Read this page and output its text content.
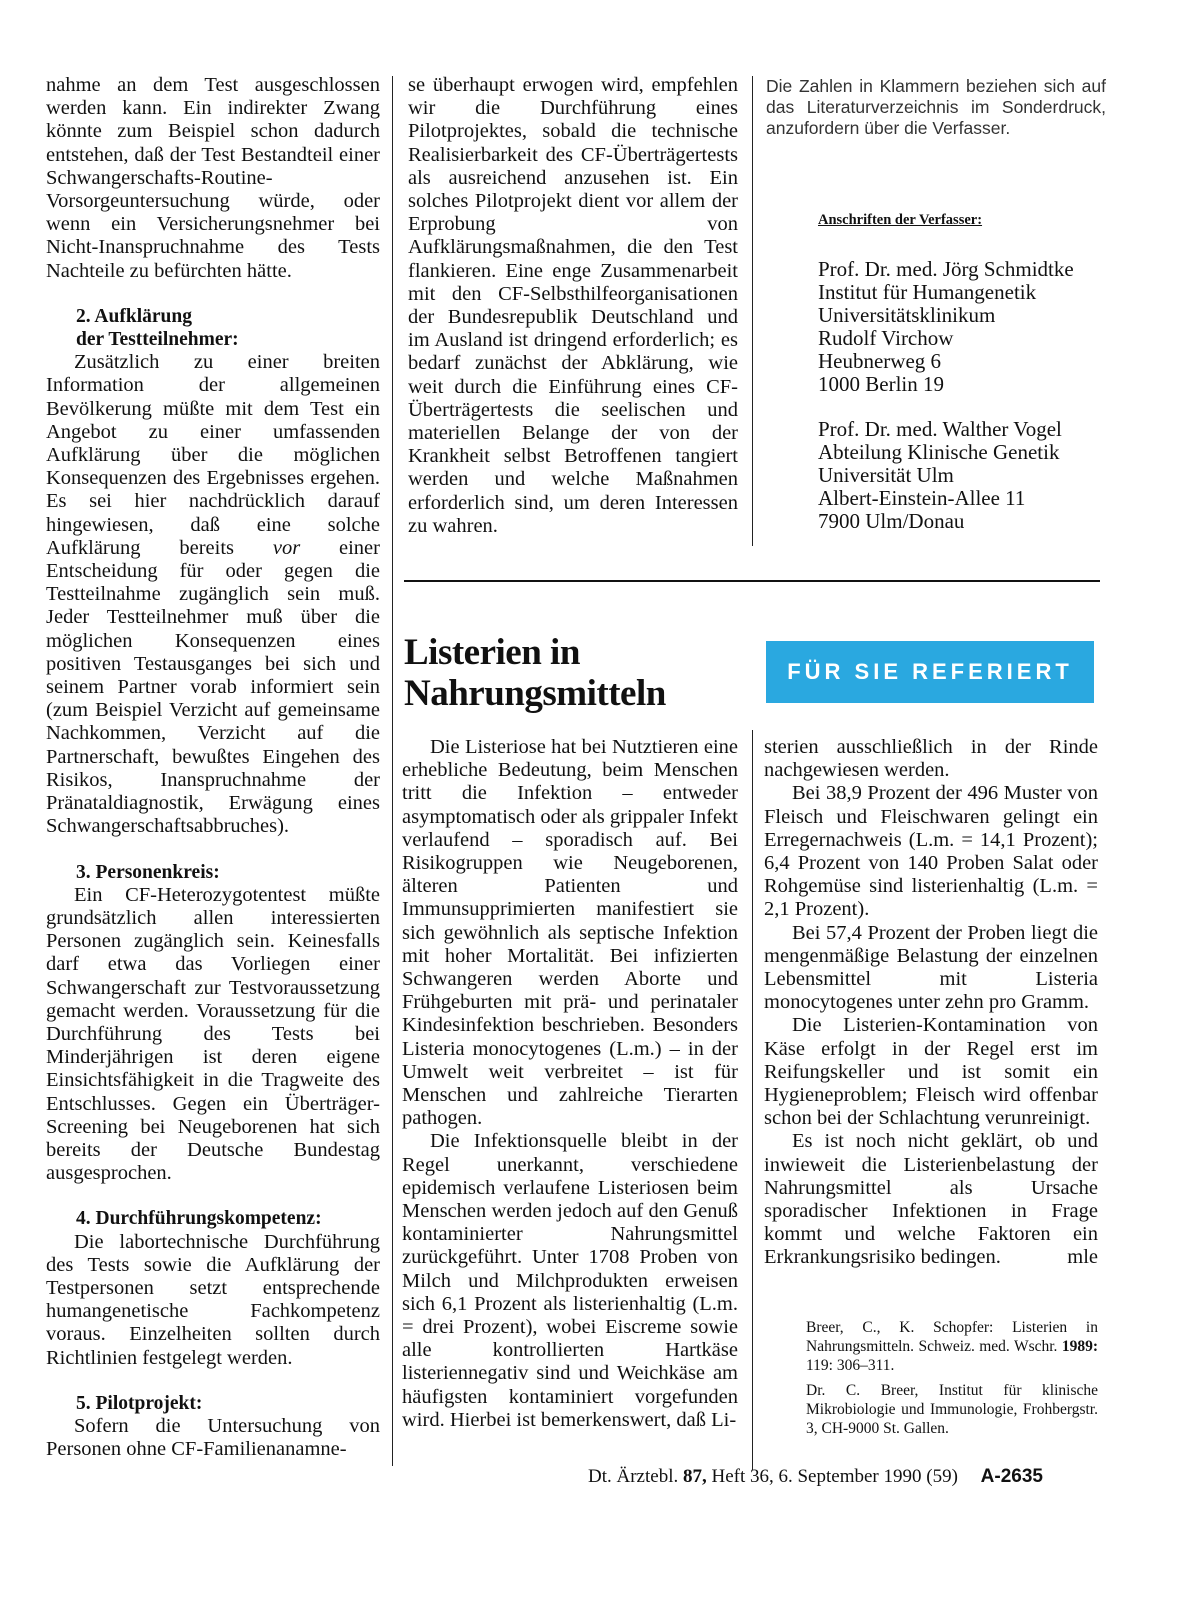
nahme an dem Test ausgeschlossen werden kann. Ein indirekter Zwang könnte zum Beispiel schon dadurch entstehen, daß der Test Bestandteil einer Schwangerschafts-Routine-Vorsorgeuntersuchung würde, oder wenn ein Versicherungsnehmer bei Nicht-Inanspruchnahme des Tests Nachteile zu befürchten hätte.

2. Aufklärung

der Testteilnehmer:

Zusätzlich zu einer breiten Information der allgemeinen Bevölkerung müßte mit dem Test ein Angebot zu einer umfassenden Aufklärung über die möglichen Konsequenzen des Ergebnisses ergehen. Es sei hier nachdrücklich darauf hingewiesen, daß eine solche Aufklärung bereits vor einer Entscheidung für oder gegen die Testteilnahme zugänglich sein muß. Jeder Testteilnehmer muß über die möglichen Konsequenzen eines positiven Testausganges bei sich und seinem Partner vorab informiert sein (zum Beispiel Verzicht auf gemeinsame Nachkommen, Verzicht auf die Partnerschaft, bewußtes Eingehen des Risikos, Inanspruchnahme der Pränataldiagnostik, Erwägung eines Schwangerschaftsabbruches).

3. Personenkreis:

Ein CF-Heterozygotentest müßte grundsätzlich allen interessierten Personen zugänglich sein. Keinesfalls darf etwa das Vorliegen einer Schwangerschaft zur Testvoraussetzung gemacht werden. Voraussetzung für die Durchführung des Tests bei Minderjährigen ist deren eigene Einsichtsfähigkeit in die Tragweite des Entschlusses. Gegen ein Überträger-Screening bei Neugeborenen hat sich bereits der Deutsche Bundestag ausgesprochen.

4. Durchführungskompetenz:

Die labortechnische Durchführung des Tests sowie die Aufklärung der Testpersonen setzt entsprechende humangenetische Fachkompetenz voraus. Einzelheiten sollten durch Richtlinien festgelegt werden.

5. Pilotprojekt:

Sofern die Untersuchung von Personen ohne CF-Familienanamne-

se überhaupt erwogen wird, empfehlen wir die Durchführung eines Pilotprojektes, sobald die technische Realisierbarkeit des CF-Überträgertests als ausreichend anzusehen ist. Ein solches Pilotprojekt dient vor allem der Erprobung von Aufklärungsmaßnahmen, die den Test flankieren. Eine enge Zusammenarbeit mit den CF-Selbsthilfeorganisationen der Bundesrepublik Deutschland und im Ausland ist dringend erforderlich; es bedarf zunächst der Abklärung, wie weit durch die Einführung eines CF-Überträgertests die seelischen und materiellen Belange der von der Krankheit selbst Betroffenen tangiert werden und welche Maßnahmen erforderlich sind, um deren Interessen zu wahren.

Die Zahlen in Klammern beziehen sich auf das Literaturverzeichnis im Sonderdruck, anzufordern über die Verfasser.
Anschriften der Verfasser:

Prof. Dr. med. Jörg Schmidtke

Institut für Humangenetik

Universitätsklinikum

Rudolf Virchow

Heubnerweg 6

1000 Berlin 19

Prof. Dr. med. Walther Vogel

Abteilung Klinische Genetik

Universität Ulm

Albert-Einstein-Allee 11

7900 Ulm/Donau

Listerien in
Nahrungsmitteln
FÜR SIE REFERIERT

Die Listeriose hat bei Nutztieren eine erhebliche Bedeutung, beim Menschen tritt die Infektion – entweder asymptomatisch oder als grippaler Infekt verlaufend – sporadisch auf. Bei Risikogruppen wie Neugeborenen, älteren Patienten und Immunsupprimierten manifestiert sie sich gewöhnlich als septische Infektion mit hoher Mortalität. Bei infizierten Schwangeren werden Aborte und Frühgeburten mit prä- und perinataler Kindesinfektion beschrieben. Besonders Listeria monocytogenes (L.m.) – in der Umwelt weit verbreitet – ist für Menschen und zahlreiche Tierarten pathogen.

Die Infektionsquelle bleibt in der Regel unerkannt, verschiedene epidemisch verlaufene Listeriosen beim Menschen werden jedoch auf den Genuß kontaminierter Nahrungsmittel zurückgeführt. Unter 1708 Proben von Milch und Milchprodukten erweisen sich 6,1 Prozent als listerienhaltig (L.m. = drei Prozent), wobei Eiscreme sowie alle kontrollierten Hartkäse listeriennegativ sind und Weichkäse am häufigsten kontaminiert vorgefunden wird. Hierbei ist bemerkenswert, daß Li-

sterien ausschließlich in der Rinde nachgewiesen werden.

Bei 38,9 Prozent der 496 Muster von Fleisch und Fleischwaren gelingt ein Erregernachweis (L.m. = 14,1 Prozent); 6,4 Prozent von 140 Proben Salat oder Rohgemüse sind listerienhaltig (L.m. = 2,1 Prozent).

Bei 57,4 Prozent der Proben liegt die mengenmäßige Belastung der einzelnen Lebensmittel mit Listeria monocytogenes unter zehn pro Gramm.

Die Listerien-Kontamination von Käse erfolgt in der Regel erst im Reifungskeller und ist somit ein Hygieneproblem; Fleisch wird offenbar schon bei der Schlachtung verunreinigt.

Es ist noch nicht geklärt, ob und inwieweit die Listerienbelastung der Nahrungsmittel als Ursache sporadischer Infektionen in Frage kommt und welche Faktoren ein Erkrankungsrisiko bedingen.	mle

Breer, C., K. Schopfer: Listerien in Nahrungsmitteln. Schweiz. med. Wschr. 1989: 119: 306–311.

Dr. C. Breer, Institut für klinische Mikrobiologie und Immunologie, Frohbergstr. 3, CH-9000 St. Gallen.

Dt. Ärztebl. 87, Heft 36, 6. September 1990 (59) A-2635
